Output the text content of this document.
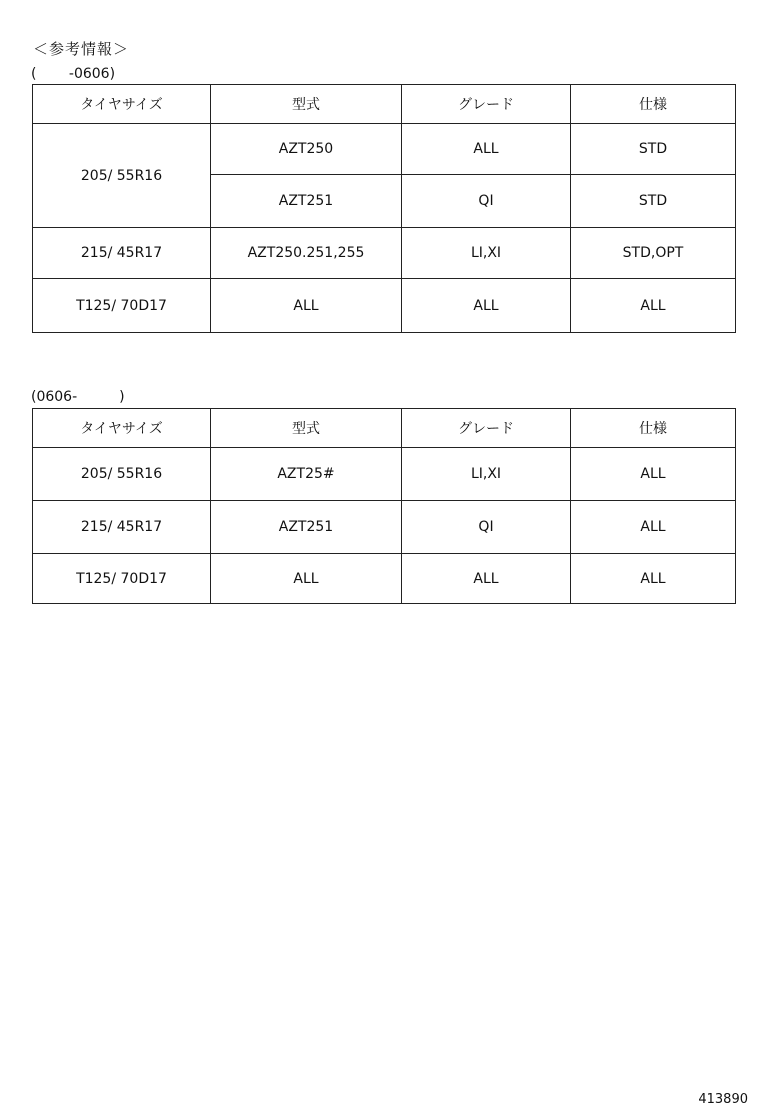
＜参考情報＞
(　　 -0606)
タイヤサイズ	型式	グレード	仕様
205/ 55R16	AZT250	ALL	STD
	AZT251	QI	STD
215/ 45R17	AZT250.251,255	LI,XI	STD,OPT
T125/ 70D17	ALL	ALL	ALL
(0606-　　　)
タイヤサイズ	型式	グレード	仕様
205/ 55R16	AZT25#	LI,XI	ALL
215/ 45R17	AZT251	QI	ALL
T125/ 70D17	ALL	ALL	ALL
413890
